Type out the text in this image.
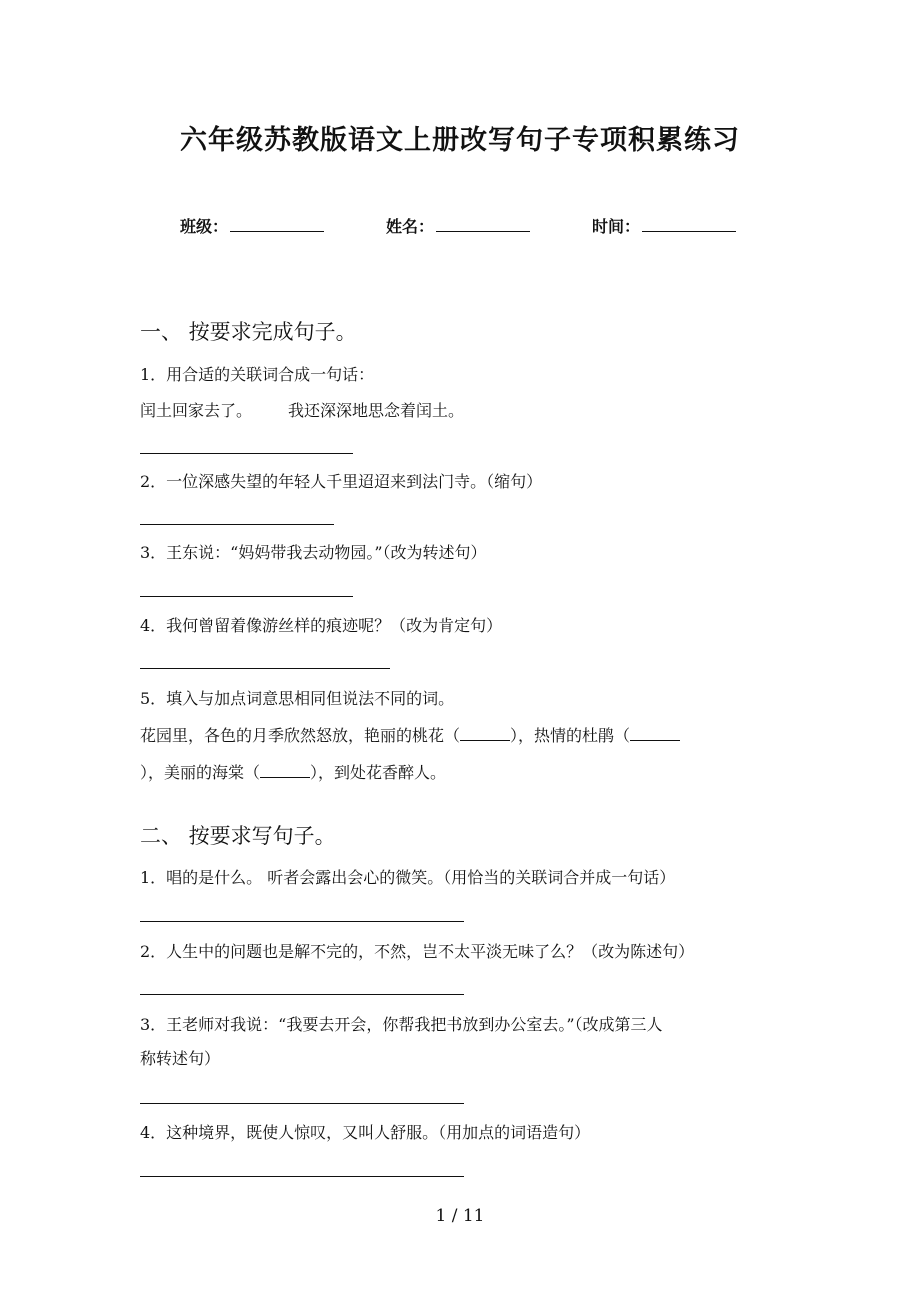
六年级苏教版语文上册改写句子专项积累练习
班级：	姓名：	时间：
一、 按要求完成句子。
1．用合适的关联词合成一句话：
闰土回家去了。 我还深深地思念着闰土。
2．一位深感失望的年轻人千里迢迢来到法门寺。（缩句）
3．王东说：“妈妈带我去动物园。”（改为转述句）
4．我何曾留着像游丝样的痕迹呢？（改为肯定句）
5．填入与加点词意思相同但说法不同的词。
花园里，各色的月季欣然怒放，艳丽的桃花（	），热情的杜鹃（
），美丽的海棠（	），到处花香醉人。
二、 按要求写句子。
1．唱的是什么。 听者会露出会心的微笑。（用恰当的关联词合并成一句话）
2．人生中的问题也是解不完的，不然，岂不太平淡无味了么？（改为陈述句）
3．王老师对我说：“我要去开会，你帮我把书放到办公室去。”（改成第三人
称转述句）
4．这种境界，既使人惊叹，又叫人舒服。（用加点的词语造句）
1 / 11
